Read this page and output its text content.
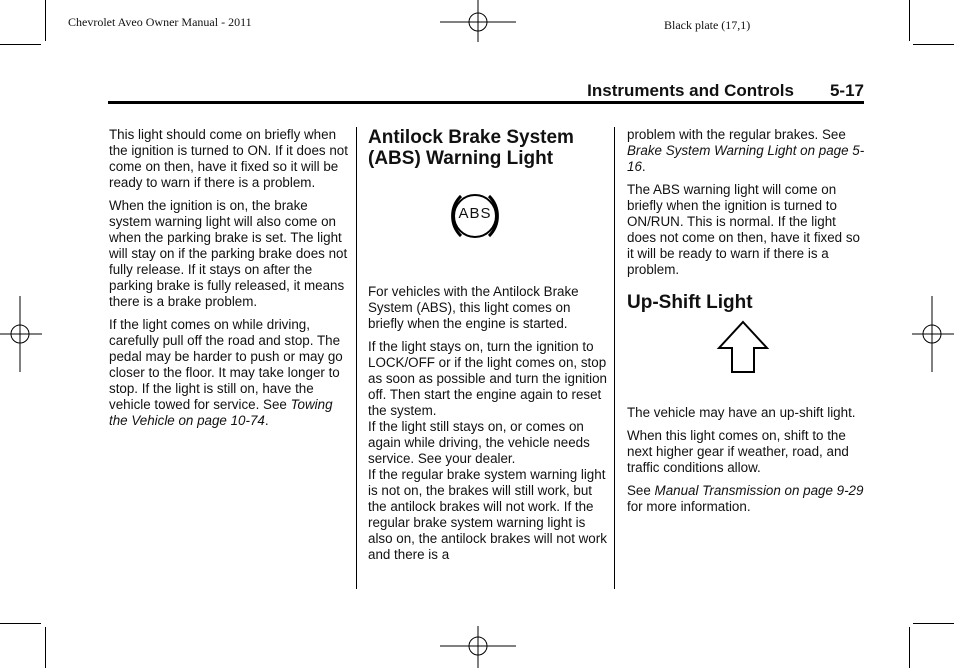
Chevrolet Aveo Owner Manual - 2011	Black plate (17,1)
Instruments and Controls 5-17

This light should come on briefly when the ignition is turned to ON. If it does not come on then, have it fixed so it will be ready to warn if there is a problem.

When the ignition is on, the brake system warning light will also come on when the parking brake is set. The light will stay on if the parking brake does not fully release. If it stays on after the parking brake is fully released, it means there is a brake problem.

If the light comes on while driving, carefully pull off the road and stop. The pedal may be harder to push or may go closer to the floor. It may take longer to stop. If the light is still on, have the vehicle towed for service. See Towing the Vehicle on page 10-74.

Antilock Brake System (ABS) Warning Light
ABS

For vehicles with the Antilock Brake System (ABS), this light comes on briefly when the engine is started.

If the light stays on, turn the ignition to LOCK/OFF or if the light comes on, stop as soon as possible and turn the ignition off. Then start the engine again to reset the system.

If the light still stays on, or comes on again while driving, the vehicle needs service. See your dealer.

If the regular brake system warning light is not on, the brakes will still work, but the antilock brakes will not work. If the regular brake system warning light is also on, the antilock brakes will not work and there is a

problem with the regular brakes. See Brake System Warning Light on page 5-16.

The ABS warning light will come on briefly when the ignition is turned to ON/RUN. This is normal. If the light does not come on then, have it fixed so it will be ready to warn if there is a problem.

Up-Shift Light

The vehicle may have an up-shift light.

When this light comes on, shift to the next higher gear if weather, road, and traffic conditions allow.

See Manual Transmission on page 9-29 for more information.
